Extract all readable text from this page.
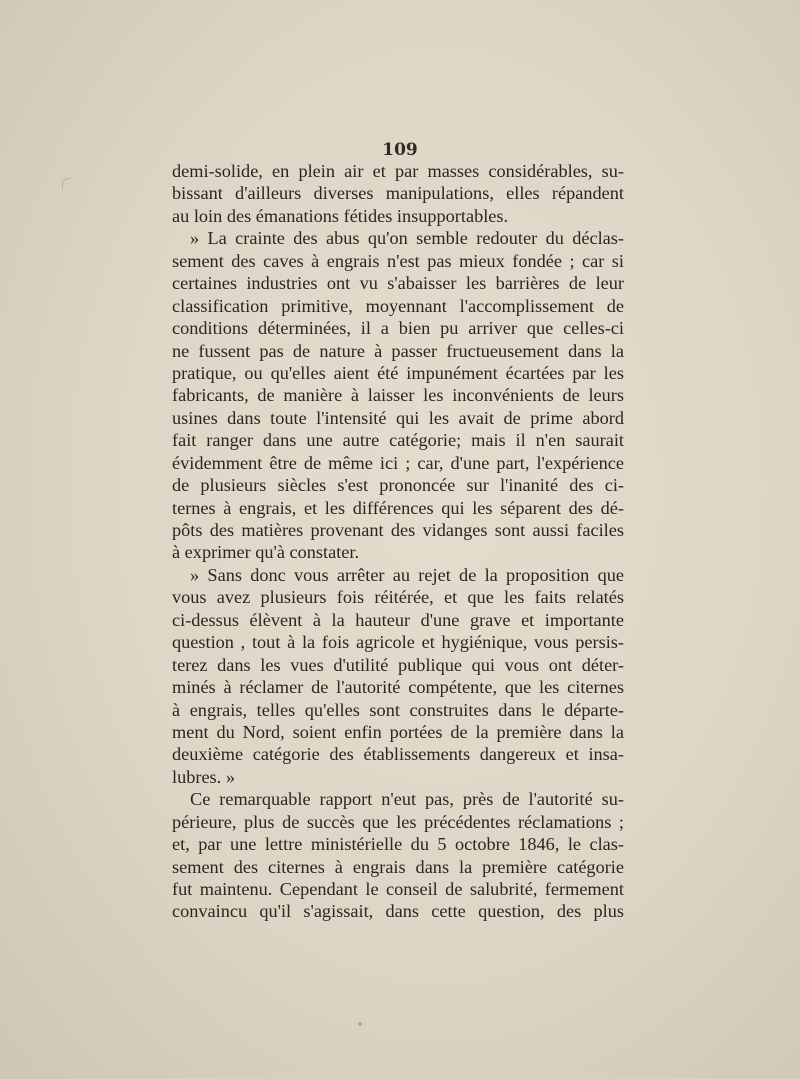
109
demi-solide, en plein air et par masses considérables, su-
bissant d'ailleurs diverses manipulations, elles répandent
au loin des émanations fétides insupportables.
» La crainte des abus qu'on semble redouter du déclas-
sement des caves à engrais n'est pas mieux fondée ; car si
certaines industries ont vu s'abaisser les barrières de leur
classification primitive, moyennant l'accomplissement de
conditions déterminées, il a bien pu arriver que celles-ci
ne fussent pas de nature à passer fructueusement dans la
pratique, ou qu'elles aient été impunément écartées par les
fabricants, de manière à laisser les inconvénients de leurs
usines dans toute l'intensité qui les avait de prime abord
fait ranger dans une autre catégorie; mais il n'en saurait
évidemment être de même ici ; car, d'une part, l'expérience
de plusieurs siècles s'est prononcée sur l'inanité des ci-
ternes à engrais, et les différences qui les séparent des dé-
pôts des matières provenant des vidanges sont aussi faciles
à exprimer qu'à constater.
» Sans donc vous arrêter au rejet de la proposition que
vous avez plusieurs fois réitérée, et que les faits relatés
ci-dessus élèvent à la hauteur d'une grave et importante
question , tout à la fois agricole et hygiénique, vous persis-
terez dans les vues d'utilité publique qui vous ont déter-
minés à réclamer de l'autorité compétente, que les citernes
à engrais, telles qu'elles sont construites dans le départe-
ment du Nord, soient enfin portées de la première dans la
deuxième catégorie des établissements dangereux et insa-
lubres. »
Ce remarquable rapport n'eut pas, près de l'autorité su-
périeure, plus de succès que les précédentes réclamations ;
et, par une lettre ministérielle du 5 octobre 1846, le clas-
sement des citernes à engrais dans la première catégorie
fut maintenu. Cependant le conseil de salubrité, fermement
convaincu qu'il s'agissait, dans cette question, des plus
